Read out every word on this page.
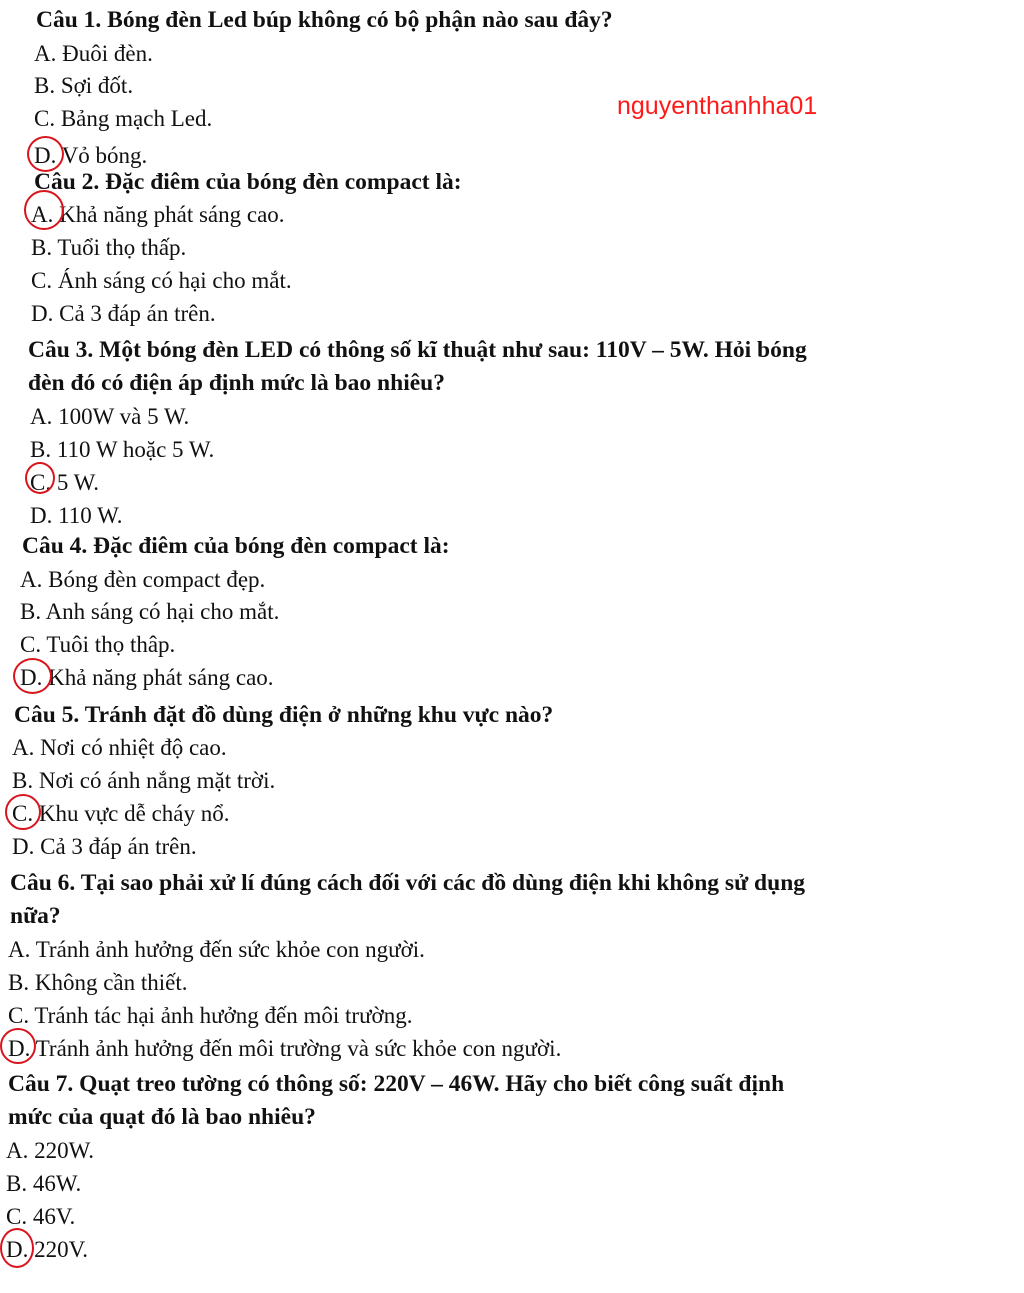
nguyenthanhha01
Câu 1. Bóng đèn Led búp không có bộ phận nào sau đây?
A. Đuôi đèn.
B. Sợi đốt.
C. Bảng mạch Led.
D. Vỏ bóng.
Câu 2. Đặc điêm của bóng đèn compact là:
A. Khả năng phát sáng cao.
B. Tuổi thọ thấp.
C. Ánh sáng có hại cho mắt.
D. Cả 3 đáp án trên.
Câu 3. Một bóng đèn LED có thông số kĩ thuật như sau: 110V – 5W. Hỏi bóng
đèn đó có điện áp định mức là bao nhiêu?
A. 100W và 5 W.
B. 110 W hoặc 5 W.
C. 5 W.
D. 110 W.
Câu 4. Đặc điêm của bóng đèn compact là:
A. Bóng đèn compact đẹp.
B. Anh sáng có hại cho mắt.
C. Tuôi thọ thâp.
D. Khả năng phát sáng cao.
Câu 5. Tránh đặt đồ dùng điện ở những khu vực nào?
A. Nơi có nhiệt độ cao.
B. Nơi có ánh nắng mặt trời.
C. Khu vực dễ cháy nổ.
D. Cả 3 đáp án trên.
Câu 6. Tại sao phải xử lí đúng cách đối với các đồ dùng điện khi không sử dụng
nữa?
A. Tránh ảnh hưởng đến sức khỏe con người.
B. Không cần thiết.
C. Tránh tác hại ảnh hưởng đến môi trường.
D. Tránh ảnh hưởng đến môi trường và sức khỏe con người.
Câu 7. Quạt treo tường có thông số: 220V – 46W. Hãy cho biết công suất định
mức của quạt đó là bao nhiêu?
A. 220W.
B. 46W.
C. 46V.
D. 220V.
